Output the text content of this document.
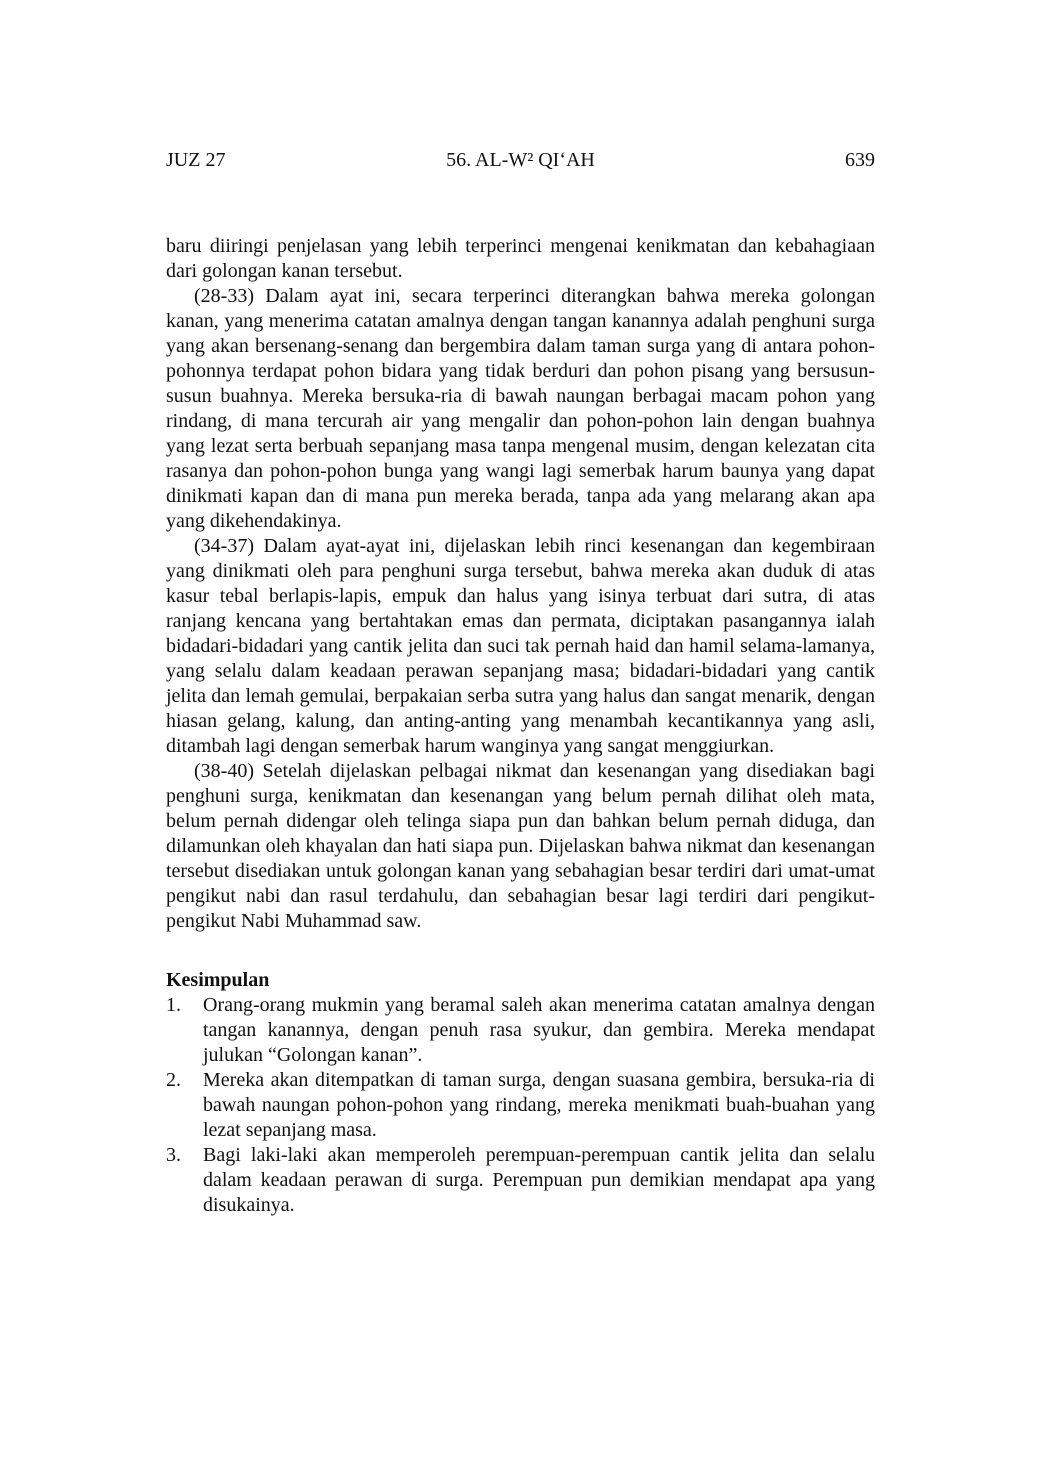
JUZ 27	56. AL-W² QI‘AH	639

baru diiringi penjelasan yang lebih terperinci mengenai kenikmatan dan kebahagiaan dari golongan kanan tersebut.

(28-33) Dalam ayat ini, secara terperinci diterangkan bahwa mereka golongan kanan, yang menerima catatan amalnya dengan tangan kanannya adalah penghuni surga yang akan bersenang-senang dan bergembira dalam taman surga yang di antara pohon-pohonnya terdapat pohon bidara yang tidak berduri dan pohon pisang yang bersusun-susun buahnya. Mereka bersuka-ria di bawah naungan berbagai macam pohon yang rindang, di mana tercurah air yang mengalir dan pohon-pohon lain dengan buahnya yang lezat serta berbuah sepanjang masa tanpa mengenal musim, dengan kelezatan cita rasanya dan pohon-pohon bunga yang wangi lagi semerbak harum baunya yang dapat dinikmati kapan dan di mana pun mereka berada, tanpa ada yang melarang akan apa yang dikehendakinya.

(34-37) Dalam ayat-ayat ini, dijelaskan lebih rinci kesenangan dan kegembiraan yang dinikmati oleh para penghuni surga tersebut, bahwa mereka akan duduk di atas kasur tebal berlapis-lapis, empuk dan halus yang isinya terbuat dari sutra, di atas ranjang kencana yang bertahtakan emas dan permata, diciptakan pasangannya ialah bidadari-bidadari yang cantik jelita dan suci tak pernah haid dan hamil selama-lamanya, yang selalu dalam keadaan perawan sepanjang masa; bidadari-bidadari yang cantik jelita dan lemah gemulai, berpakaian serba sutra yang halus dan sangat menarik, dengan hiasan gelang, kalung, dan anting-anting yang menambah kecantikannya yang asli, ditambah lagi dengan semerbak harum wanginya yang sangat menggiurkan.

(38-40) Setelah dijelaskan pelbagai nikmat dan kesenangan yang disediakan bagi penghuni surga, kenikmatan dan kesenangan yang belum pernah dilihat oleh mata, belum pernah didengar oleh telinga siapa pun dan bahkan belum pernah diduga, dan dilamunkan oleh khayalan dan hati siapa pun. Dijelaskan bahwa nikmat dan kesenangan tersebut disediakan untuk golongan kanan yang sebahagian besar terdiri dari umat-umat pengikut nabi dan rasul terdahulu, dan sebahagian besar lagi terdiri dari pengikut-pengikut Nabi Muhammad saw.

Kesimpulan
1.	Orang-orang mukmin yang beramal saleh akan menerima catatan amalnya dengan tangan kanannya, dengan penuh rasa syukur, dan gembira. Mereka mendapat julukan “Golongan kanan”.
2.	Mereka akan ditempatkan di taman surga, dengan suasana gembira, bersuka-ria di bawah naungan pohon-pohon yang rindang, mereka menikmati buah-buahan yang lezat sepanjang masa.
3.	Bagi laki-laki akan memperoleh perempuan-perempuan cantik jelita dan selalu dalam keadaan perawan di surga. Perempuan pun demikian mendapat apa yang disukainya.
